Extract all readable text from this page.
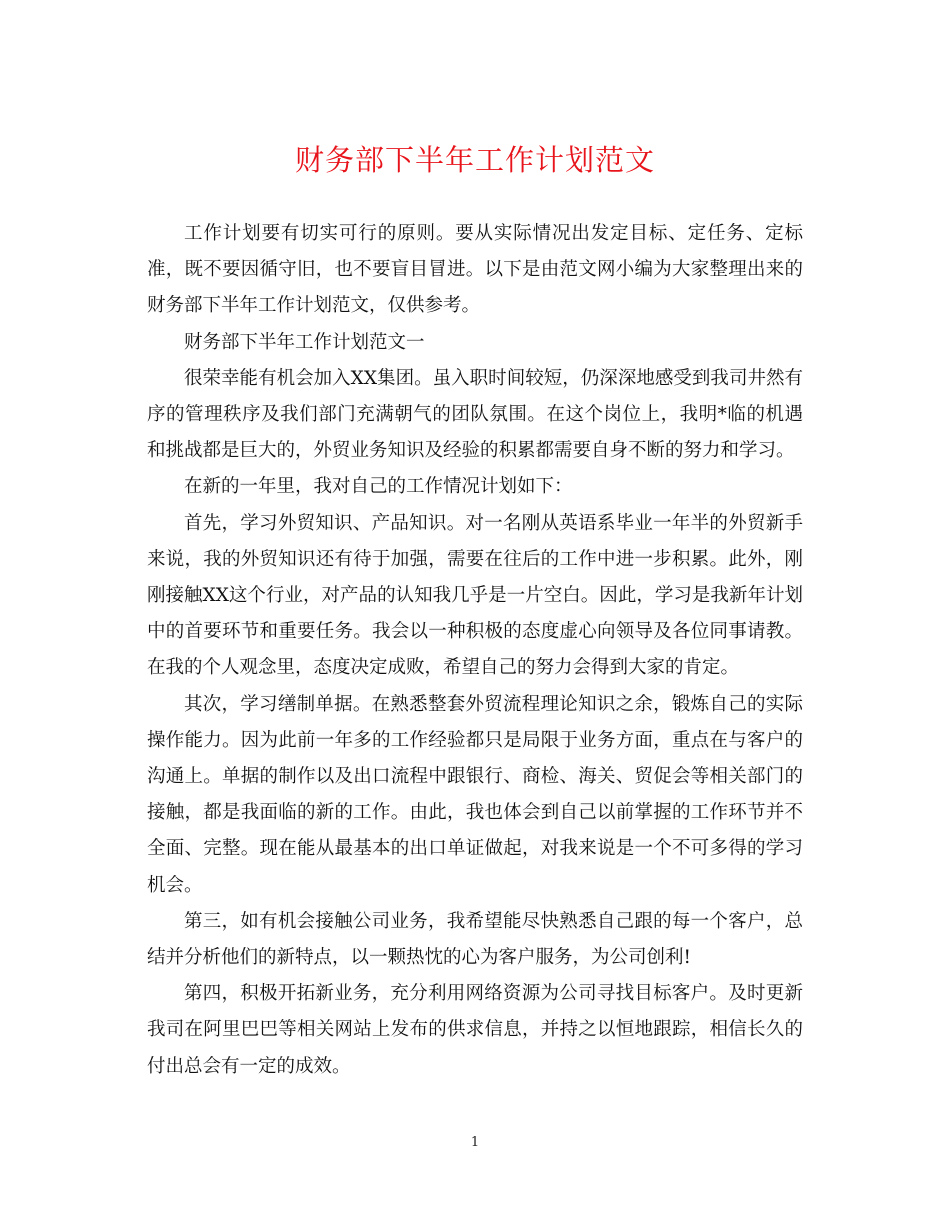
财务部下半年工作计划范文

工作计划要有切实可行的原则。要从实际情况出发定目标、定任务、定标准，既不要因循守旧，也不要盲目冒进。以下是由范文网小编为大家整理出来的财务部下半年工作计划范文，仅供参考。

财务部下半年工作计划范文一

很荣幸能有机会加入XX集团。虽入职时间较短，仍深深地感受到我司井然有序的管理秩序及我们部门充满朝气的团队氛围。在这个岗位上，我明*临的机遇和挑战都是巨大的，外贸业务知识及经验的积累都需要自身不断的努力和学习。

在新的一年里，我对自己的工作情况计划如下：

首先，学习外贸知识、产品知识。对一名刚从英语系毕业一年半的外贸新手来说，我的外贸知识还有待于加强，需要在往后的工作中进一步积累。此外，刚刚接触XX这个行业，对产品的认知我几乎是一片空白。因此，学习是我新年计划中的首要环节和重要任务。我会以一种积极的态度虚心向领导及各位同事请教。在我的个人观念里，态度决定成败，希望自己的努力会得到大家的肯定。

其次，学习缮制单据。在熟悉整套外贸流程理论知识之余，锻炼自己的实际操作能力。因为此前一年多的工作经验都只是局限于业务方面，重点在与客户的沟通上。单据的制作以及出口流程中跟银行、商检、海关、贸促会等相关部门的接触，都是我面临的新的工作。由此，我也体会到自己以前掌握的工作环节并不全面、完整。现在能从最基本的出口单证做起，对我来说是一个不可多得的学习机会。

第三，如有机会接触公司业务，我希望能尽快熟悉自己跟的每一个客户，总结并分析他们的新特点，以一颗热忱的心为客户服务，为公司创利!

第四，积极开拓新业务，充分利用网络资源为公司寻找目标客户。及时更新我司在阿里巴巴等相关网站上发布的供求信息，并持之以恒地跟踪，相信长久的付出总会有一定的成效。

1
